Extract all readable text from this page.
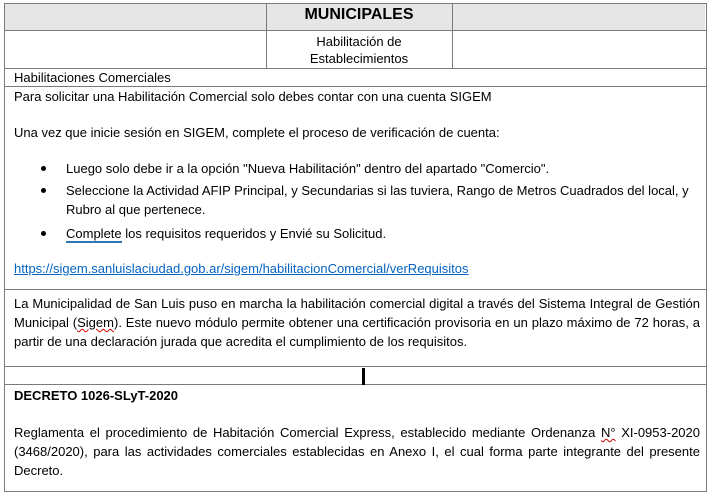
MUNICIPALES
Habilitación de
Establecimientos
Habilitaciones Comerciales
Para solicitar una Habilitación Comercial solo debes contar con una cuenta SIGEM
Una vez que inicie sesión en SIGEM, complete el proceso de verificación de cuenta:
Luego solo debe ir a la opción "Nueva Habilitación" dentro del apartado "Comercio".
Seleccione la Actividad AFIP Principal, y Secundarias si las tuviera, Rango de Metros Cuadrados del local, y
Rubro al que pertenece.
Complete los requisitos requeridos y Envié su Solicitud.
https://sigem.sanluislaciudad.gob.ar/sigem/habilitacionComercial/verRequisitos
La Municipalidad de San Luis puso en marcha la habilitación comercial digital a través del Sistema Integral de Gestión Municipal (Sigem). Este nuevo módulo permite obtener una certificación provisoria en un plazo máximo de 72 horas, a partir de una declaración jurada que acredita el cumplimiento de los requisitos.
DECRETO 1026-SLyT-2020
Reglamenta el procedimiento de Habitación Comercial Express, establecido mediante Ordenanza N° XI-0953-2020 (3468/2020), para las actividades comerciales establecidas en Anexo I, el cual forma parte integrante del presente Decreto.
